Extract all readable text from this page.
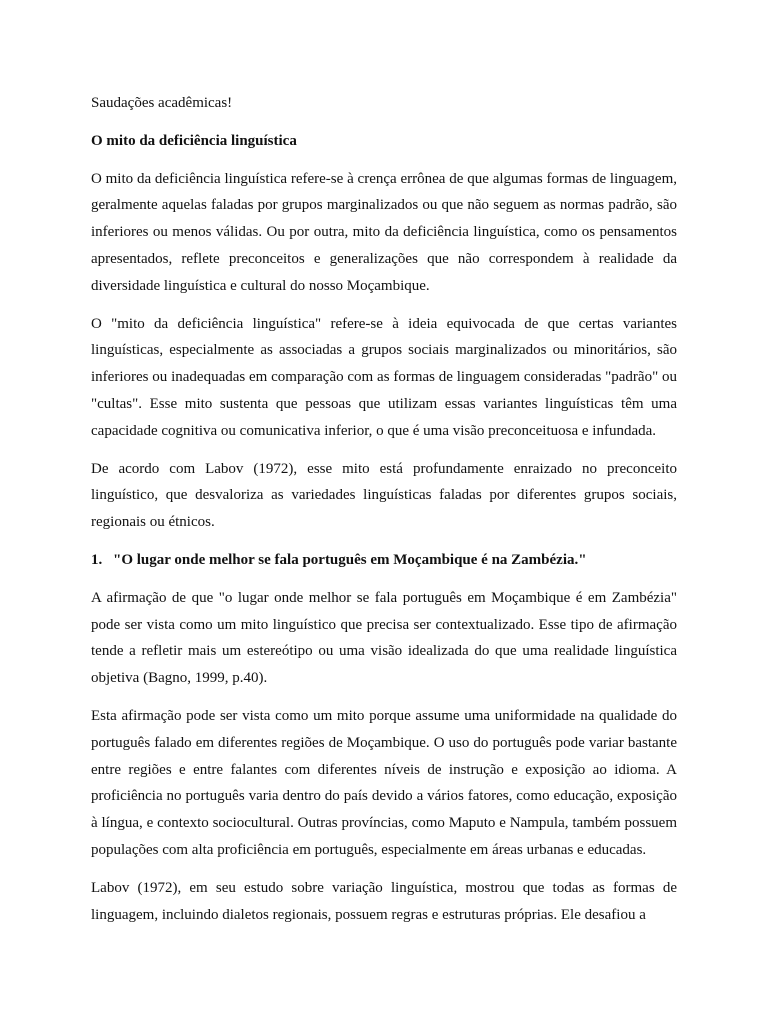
Saudações acadêmicas!
O mito da deficiência linguística
O mito da deficiência linguística refere-se à crença errônea de que algumas formas de linguagem, geralmente aquelas faladas por grupos marginalizados ou que não seguem as normas padrão, são inferiores ou menos válidas. Ou por outra, mito da deficiência linguística, como os pensamentos apresentados, reflete preconceitos e generalizações que não correspondem à realidade da diversidade linguística e cultural do nosso Moçambique.
O "mito da deficiência linguística" refere-se à ideia equivocada de que certas variantes linguísticas, especialmente as associadas a grupos sociais marginalizados ou minoritários, são inferiores ou inadequadas em comparação com as formas de linguagem consideradas "padrão" ou "cultas". Esse mito sustenta que pessoas que utilizam essas variantes linguísticas têm uma capacidade cognitiva ou comunicativa inferior, o que é uma visão preconceituosa e infundada.
De acordo com Labov (1972), esse mito está profundamente enraizado no preconceito linguístico, que desvaloriza as variedades linguísticas faladas por diferentes grupos sociais, regionais ou étnicos.
1. "O lugar onde melhor se fala português em Moçambique é na Zambézia."
A afirmação de que "o lugar onde melhor se fala português em Moçambique é em Zambézia" pode ser vista como um mito linguístico que precisa ser contextualizado. Esse tipo de afirmação tende a refletir mais um estereótipo ou uma visão idealizada do que uma realidade linguística objetiva (Bagno, 1999, p.40).
Esta afirmação pode ser vista como um mito porque assume uma uniformidade na qualidade do português falado em diferentes regiões de Moçambique. O uso do português pode variar bastante entre regiões e entre falantes com diferentes níveis de instrução e exposição ao idioma. A proficiência no português varia dentro do país devido a vários fatores, como educação, exposição à língua, e contexto sociocultural. Outras províncias, como Maputo e Nampula, também possuem populações com alta proficiência em português, especialmente em áreas urbanas e educadas.
Labov (1972), em seu estudo sobre variação linguística, mostrou que todas as formas de linguagem, incluindo dialetos regionais, possuem regras e estruturas próprias. Ele desafiou a
